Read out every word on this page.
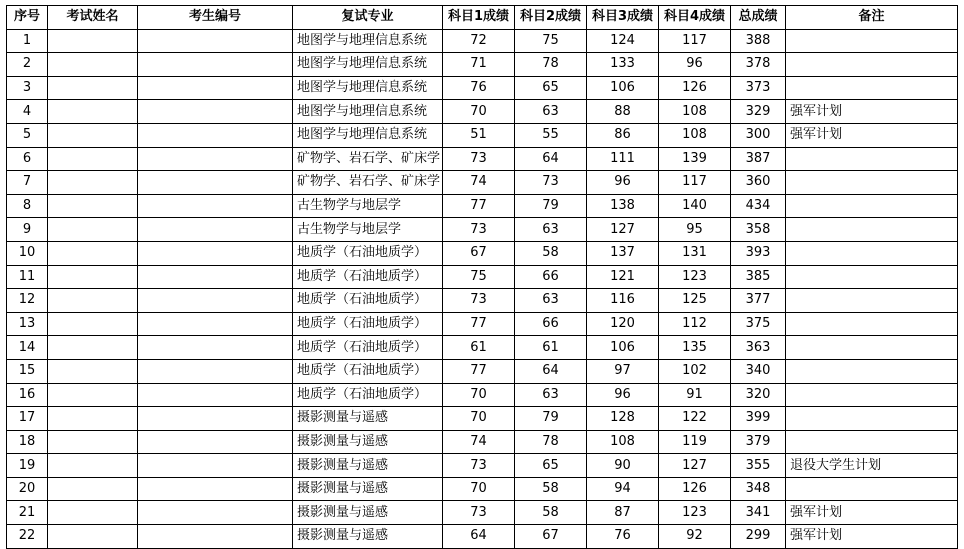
序号	考试姓名	考生编号	复试专业	科目1成绩	科目2成绩	科目3成绩	科目4成绩	总成绩	备注
1			地图学与地理信息系统	72	75	124	117	388	
2			地图学与地理信息系统	71	78	133	96	378	
3			地图学与地理信息系统	76	65	106	126	373	
4			地图学与地理信息系统	70	63	88	108	329	强军计划
5			地图学与地理信息系统	51	55	86	108	300	强军计划
6			矿物学、岩石学、矿床学	73	64	111	139	387	
7			矿物学、岩石学、矿床学	74	73	96	117	360	
8			古生物学与地层学	77	79	138	140	434	
9			古生物学与地层学	73	63	127	95	358	
10			地质学（石油地质学）	67	58	137	131	393	
11			地质学（石油地质学）	75	66	121	123	385	
12			地质学（石油地质学）	73	63	116	125	377	
13			地质学（石油地质学）	77	66	120	112	375	
14			地质学（石油地质学）	61	61	106	135	363	
15			地质学（石油地质学）	77	64	97	102	340	
16			地质学（石油地质学）	70	63	96	91	320	
17			摄影测量与遥感	70	79	128	122	399	
18			摄影测量与遥感	74	78	108	119	379	
19			摄影测量与遥感	73	65	90	127	355	退役大学生计划
20			摄影测量与遥感	70	58	94	126	348	
21			摄影测量与遥感	73	58	87	123	341	强军计划
22			摄影测量与遥感	64	67	76	92	299	强军计划
